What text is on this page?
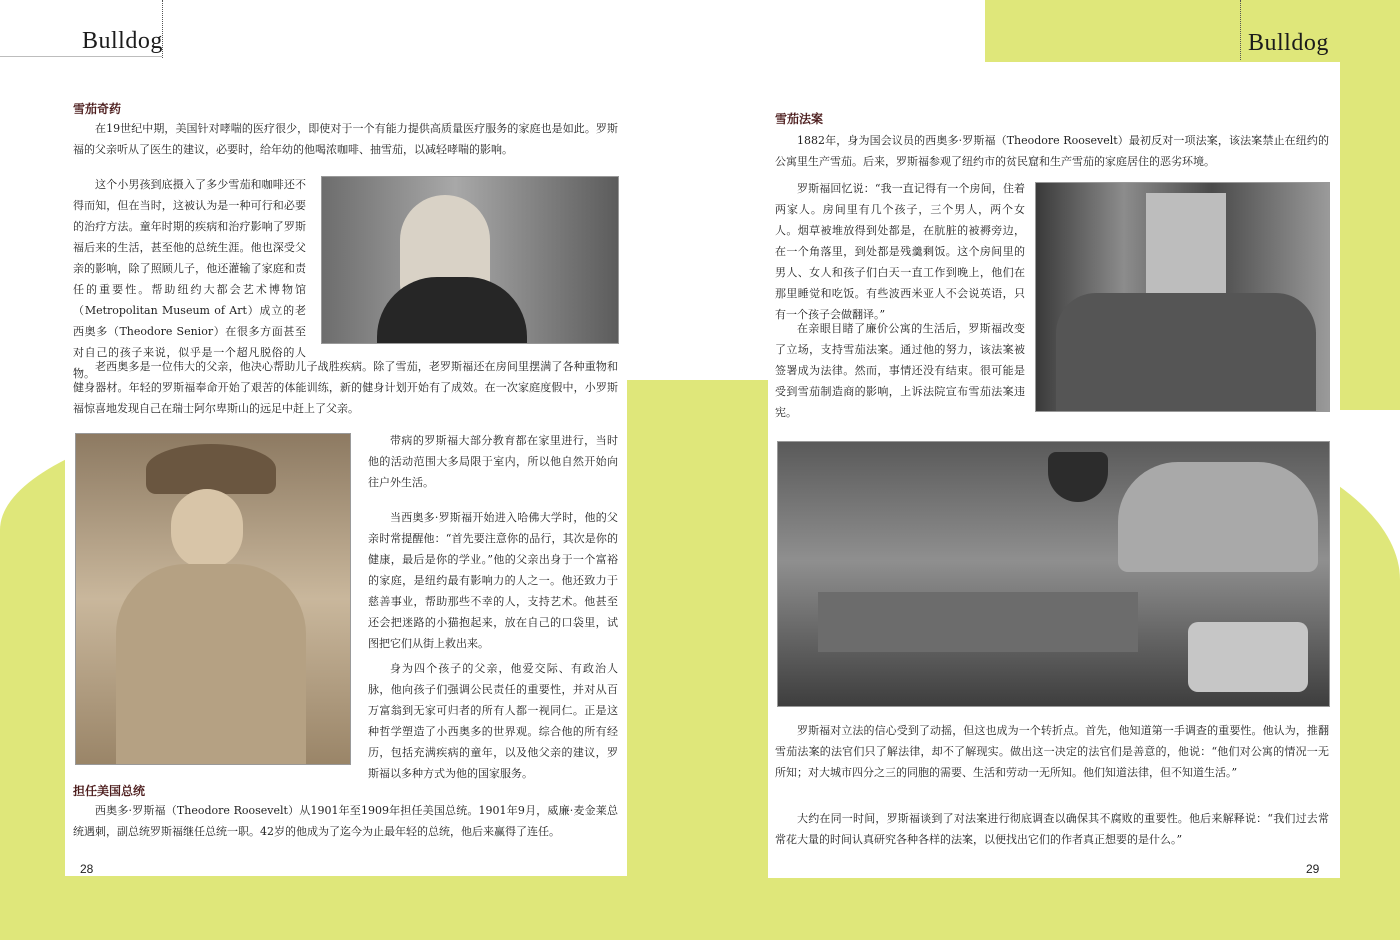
Bulldog	Bulldog
雪茄奇药

在19世纪中期，美国针对哮喘的医疗很少，即使对于一个有能力提供高质量医疗服务的家庭也是如此。罗斯福的父亲听从了医生的建议，必要时，给年幼的他喝浓咖啡、抽雪茄，以减轻哮喘的影响。

这个小男孩到底摄入了多少雪茄和咖啡还不得而知，但在当时，这被认为是一种可行和必要的治疗方法。童年时期的疾病和治疗影响了罗斯福后来的生活，甚至他的总统生涯。他也深受父亲的影响，除了照顾儿子，他还灌输了家庭和责任的重要性。帮助纽约大都会艺术博物馆（Metropolitan Museum of Art）成立的老西奥多（Theodore Senior）在很多方面甚至对自己的孩子来说，似乎是一个超凡脱俗的人物。

老西奥多是一位伟大的父亲，他决心帮助儿子战胜疾病。除了雪茄，老罗斯福还在房间里摆满了各种重物和健身器材。年轻的罗斯福奉命开始了艰苦的体能训练，新的健身计划开始有了成效。在一次家庭度假中，小罗斯福惊喜地发现自己在瑞士阿尔卑斯山的远足中赶上了父亲。

带病的罗斯福大部分教育都在家里进行，当时他的活动范围大多局限于室内，所以他自然开始向往户外生活。

当西奥多·罗斯福开始进入哈佛大学时，他的父亲时常提醒他：“首先要注意你的品行，其次是你的健康，最后是你的学业。”他的父亲出身于一个富裕的家庭，是纽约最有影响力的人之一。他还致力于慈善事业，帮助那些不幸的人，支持艺术。他甚至还会把迷路的小猫抱起来，放在自己的口袋里，试图把它们从街上救出来。

身为四个孩子的父亲，他爱交际、有政治人脉，他向孩子们强调公民责任的重要性，并对从百万富翁到无家可归者的所有人都一视同仁。正是这种哲学塑造了小西奥多的世界观。综合他的所有经历，包括充满疾病的童年，以及他父亲的建议，罗斯福以多种方式为他的国家服务。

担任美国总统

西奥多·罗斯福（Theodore Roosevelt）从1901年至1909年担任美国总统。1901年9月，威廉·麦金莱总统遇刺，副总统罗斯福继任总统一职。42岁的他成为了迄今为止最年轻的总统，他后来赢得了连任。

28
雪茄法案

1882年，身为国会议员的西奥多·罗斯福（Theodore Roosevelt）最初反对一项法案，该法案禁止在纽约的公寓里生产雪茄。后来，罗斯福参观了纽约市的贫民窟和生产雪茄的家庭居住的恶劣环境。

罗斯福回忆说：“我一直记得有一个房间，住着两家人。房间里有几个孩子，三个男人，两个女人。烟草被堆放得到处都是，在肮脏的被褥旁边，在一个角落里，到处都是残羹剩饭。这个房间里的男人、女人和孩子们白天一直工作到晚上，他们在那里睡觉和吃饭。有些波西米亚人不会说英语，只有一个孩子会做翻译。”

在亲眼目睹了廉价公寓的生活后，罗斯福改变了立场，支持雪茄法案。通过他的努力，该法案被签署成为法律。然而，事情还没有结束。很可能是受到雪茄制造商的影响，上诉法院宣布雪茄法案违宪。

罗斯福对立法的信心受到了动摇，但这也成为一个转折点。首先，他知道第一手调查的重要性。他认为，推翻雪茄法案的法官们只了解法律，却不了解现实。做出这一决定的法官们是善意的，他说：“他们对公寓的情况一无所知；对大城市四分之三的同胞的需要、生活和劳动一无所知。他们知道法律，但不知道生活。”

大约在同一时间，罗斯福谈到了对法案进行彻底调查以确保其不腐败的重要性。他后来解释说：“我们过去常常花大量的时间认真研究各种各样的法案，以便找出它们的作者真正想要的是什么。”

29
